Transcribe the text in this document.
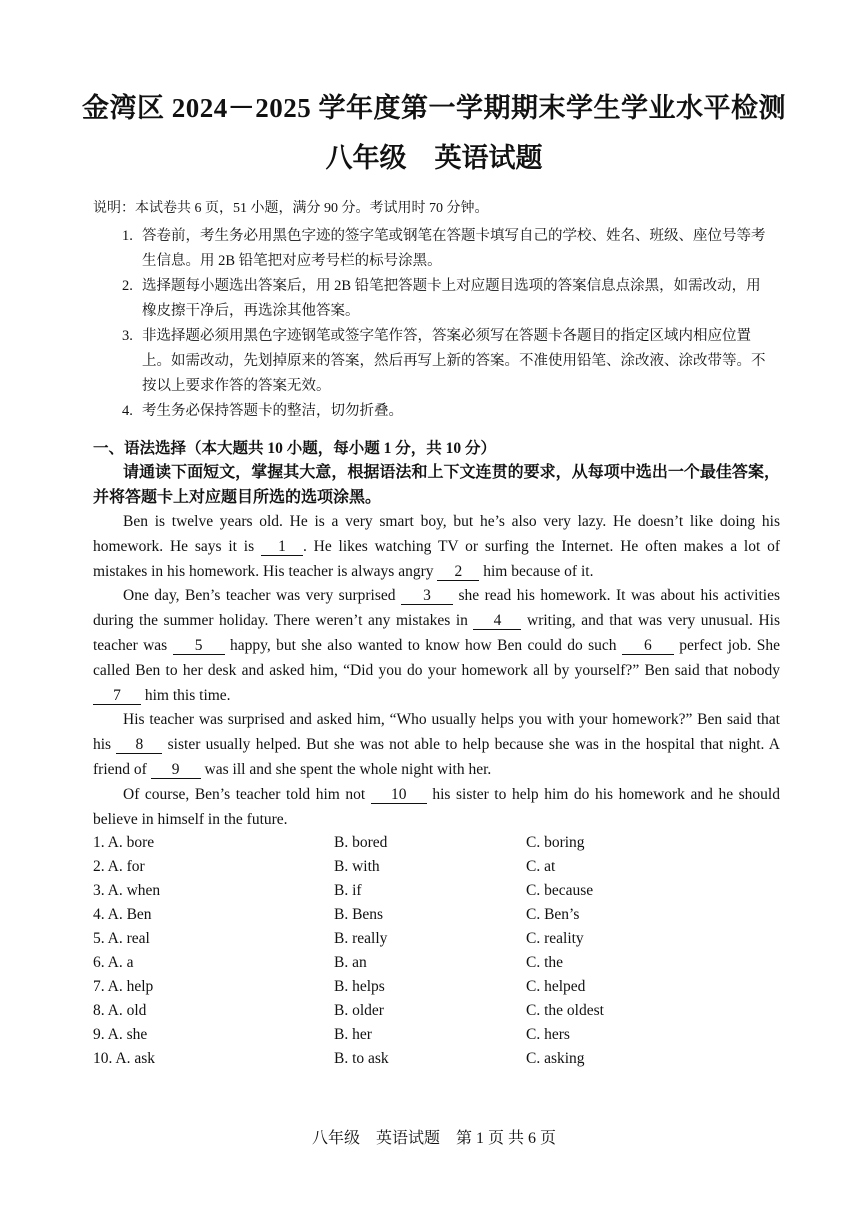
金湾区 2024－2025 学年度第一学期期末学生学业水平检测
八年级 英语试题
说明：本试卷共 6 页，51 小题，满分 90 分。考试用时 70 分钟。
1. 答卷前，考生务必用黑色字迹的签字笔或钢笔在答题卡填写自己的学校、姓名、班级、座位号等考生信息。用 2B 铅笔把对应考号栏的标号涂黑。
2. 选择题每小题选出答案后，用 2B 铅笔把答题卡上对应题目选项的答案信息点涂黑，如需改动，用橡皮擦干净后，再选涂其他答案。
3. 非选择题必须用黑色字迹钢笔或签字笔作答，答案必须写在答题卡各题目的指定区域内相应位置上。如需改动，先划掉原来的答案，然后再写上新的答案。不准使用铅笔、涂改液、涂改带等。不按以上要求作答的答案无效。
4. 考生务必保持答题卡的整洁，切勿折叠。
一、语法选择（本大题共 10 小题，每小题 1 分，共 10 分）
请通读下面短文，掌握其大意，根据语法和上下文连贯的要求，从每项中选出一个最佳答案，并将答题卡上对应题目所选的选项涂黑。

Ben is twelve years old. He is a very smart boy, but he’s also very lazy. He doesn’t like doing his homework. He says it is 1 . He likes watching TV or surfing the Internet. He often makes a lot of mistakes in his homework. His teacher is always angry 2 him because of it.

One day, Ben’s teacher was very surprised 3 she read his homework. It was about his activities during the summer holiday. There weren’t any mistakes in 4 writing, and that was very unusual. His teacher was 5 happy, but she also wanted to know how Ben could do such 6 perfect job. She called Ben to her desk and asked him, “Did you do your homework all by yourself?” Ben said that nobody 7 him this time.

His teacher was surprised and asked him, “Who usually helps you with your homework?” Ben said that his 8 sister usually helped. But she was not able to help because she was in the hospital that night. A friend of 9 was ill and she spent the whole night with her.

Of course, Ben’s teacher told him not 10 his sister to help him do his homework and he should believe in himself in the future.

1. A. bore	B. bored	C. boring
2. A. for	B. with	C. at
3. A. when	B. if	C. because
4. A. Ben	B. Bens	C. Ben’s
5. A. real	B. really	C. reality
6. A. a	B. an	C. the
7. A. help	B. helps	C. helped
8. A. old	B. older	C. the oldest
9. A. she	B. her	C. hers
10. A. ask	B. to ask	C. asking
八年级　英语试题　第 1 页 共 6 页
